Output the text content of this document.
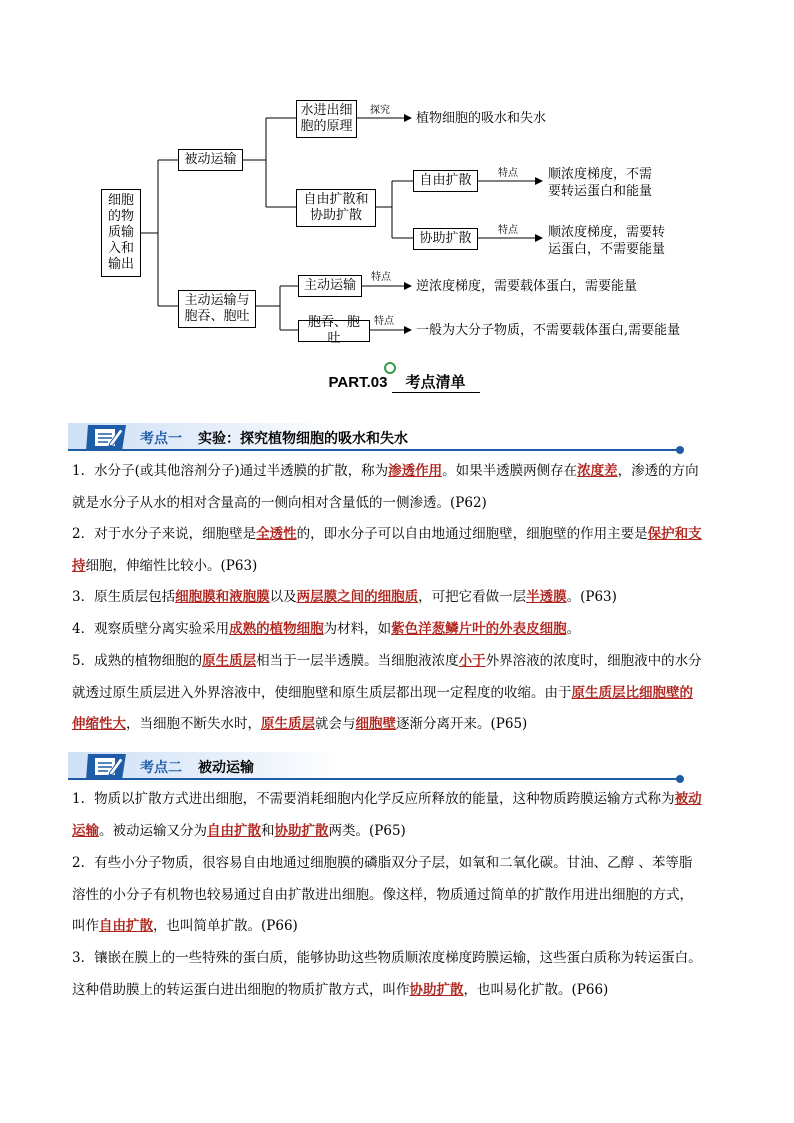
细胞
的物
质输
入和
输出
被动运输
水进出细
胞的原理
自由扩散和
协助扩散
自由扩散
协助扩散
主动运输与
胞吞、胞吐
主动运输
胞吞、胞吐
探究
植物细胞的吸水和失水
特点 顺浓度梯度，不需
要转运蛋白和能量
特点 顺浓度梯度，需要转
运蛋白，不需要能量
特点
逆浓度梯度，需要载体蛋白，需要能量
特点
一般为大分子物质，不需要载体蛋白,需要能量
PART.03 考点清单
考点一 实验：探究植物细胞的吸水和失水
1．水分子(或其他溶剂分子)通过半透膜的扩散，称为渗透作用。如果半透膜两侧存在浓度差，渗透的方向
就是水分子从水的相对含量高的一侧向相对含量低的一侧渗透。(P62)
2．对于水分子来说，细胞壁是全透性的，即水分子可以自由地通过细胞壁，细胞壁的作用主要是保护和支
持细胞，伸缩性比较小。(P63)
3．原生质层包括细胞膜和液胞膜以及两层膜之间的细胞质，可把它看做一层半透膜。(P63)
4．观察质壁分离实验采用成熟的植物细胞为材料，如紫色洋葱鳞片叶的外表皮细胞。
5．成熟的植物细胞的原生质层相当于一层半透膜。当细胞液浓度小于外界溶液的浓度时，细胞液中的水分
就透过原生质层进入外界溶液中，使细胞壁和原生质层都出现一定程度的收缩。由于原生质层比细胞壁的
伸缩性大，当细胞不断失水时，原生质层就会与细胞壁逐渐分离开来。(P65)
考点二 被动运输
1．物质以扩散方式进出细胞，不需要消耗细胞内化学反应所释放的能量，这种物质跨膜运输方式称为被动
运输。被动运输又分为自由扩散和协助扩散两类。(P65)
2．有些小分子物质，很容易自由地通过细胞膜的磷脂双分子层，如氧和二氧化碳。甘油、乙醇 、苯等脂
溶性的小分子有机物也较易通过自由扩散进出细胞。像这样，物质通过简单的扩散作用进出细胞的方式，
叫作自由扩散，也叫简单扩散。(P66)
3．镶嵌在膜上的一些特殊的蛋白质，能够协助这些物质顺浓度梯度跨膜运输，这些蛋白质称为转运蛋白。
这种借助膜上的转运蛋白进出细胞的物质扩散方式，叫作协助扩散，也叫易化扩散。(P66)
